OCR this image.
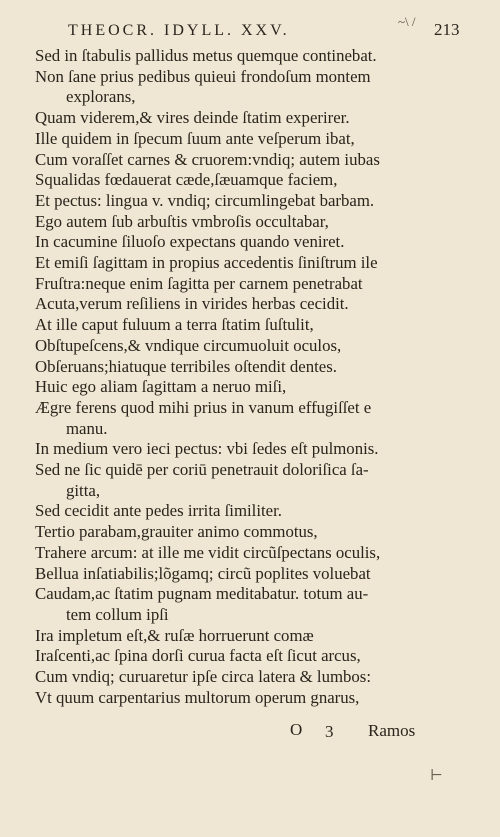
THEOCR. IDYLL. XXV.
~\ / 213
Sed in ſtabulis pallidus metus quemque continebat.
Non ſane prius pedibus quieui frondoſum montem
explorans,
Quam viderem,& vires deinde ſtatim experirer.
Ille quidem in ſpecum ſuum ante veſperum ibat,
Cum voraſſet carnes & cruorem:vndiq; autem iubas
Squalidas fœdauerat cæde,ſæuamque faciem,
Et pectus: lingua v. vndiq; circumlingebat barbam.
Ego autem ſub arbuſtis vmbroſis occultabar,
In cacumine ſiluoſo expectans quando veniret.
Et emiſi ſagittam in propius accedentis ſiniſtrum ile
Fruſtra:neque enim ſagitta per carnem penetrabat
Acuta,verum reſiliens in virides herbas cecidit.
At ille caput fuluum a terra ſtatim ſuſtulit,
Obſtupeſcens,& vndique circumuoluit oculos,
Obſeruans;hiatuque terribiles oſtendit dentes.
Huic ego aliam ſagittam a neruo miſi,
Ægre ferens quod mihi prius in vanum effugiſſet e
manu.
In medium vero ieci pectus: vbi ſedes eſt pulmonis.
Sed ne ſic quidē per coriū penetrauit doloriſica ſa-
gitta,
Sed cecidit ante pedes irrita ſimiliter.
Tertio parabam,grauiter animo commotus,
Trahere arcum: at ille me vidit circũſpectans oculis,
Bellua inſatiabilis;lõgamq; circũ poplites voluebat
Caudam,ac ſtatim pugnam meditabatur. totum au-
tem collum ipſi
Ira impletum eſt,& ruſæ horruerunt comæ
Iraſcenti,ac ſpina dorſi curua facta eſt ſicut arcus,
Cum vndiq; curuaretur ipſe circa latera & lumbos:
Vt quum carpentarius multorum operum gnarus,
O 3 Ramos
⊢
